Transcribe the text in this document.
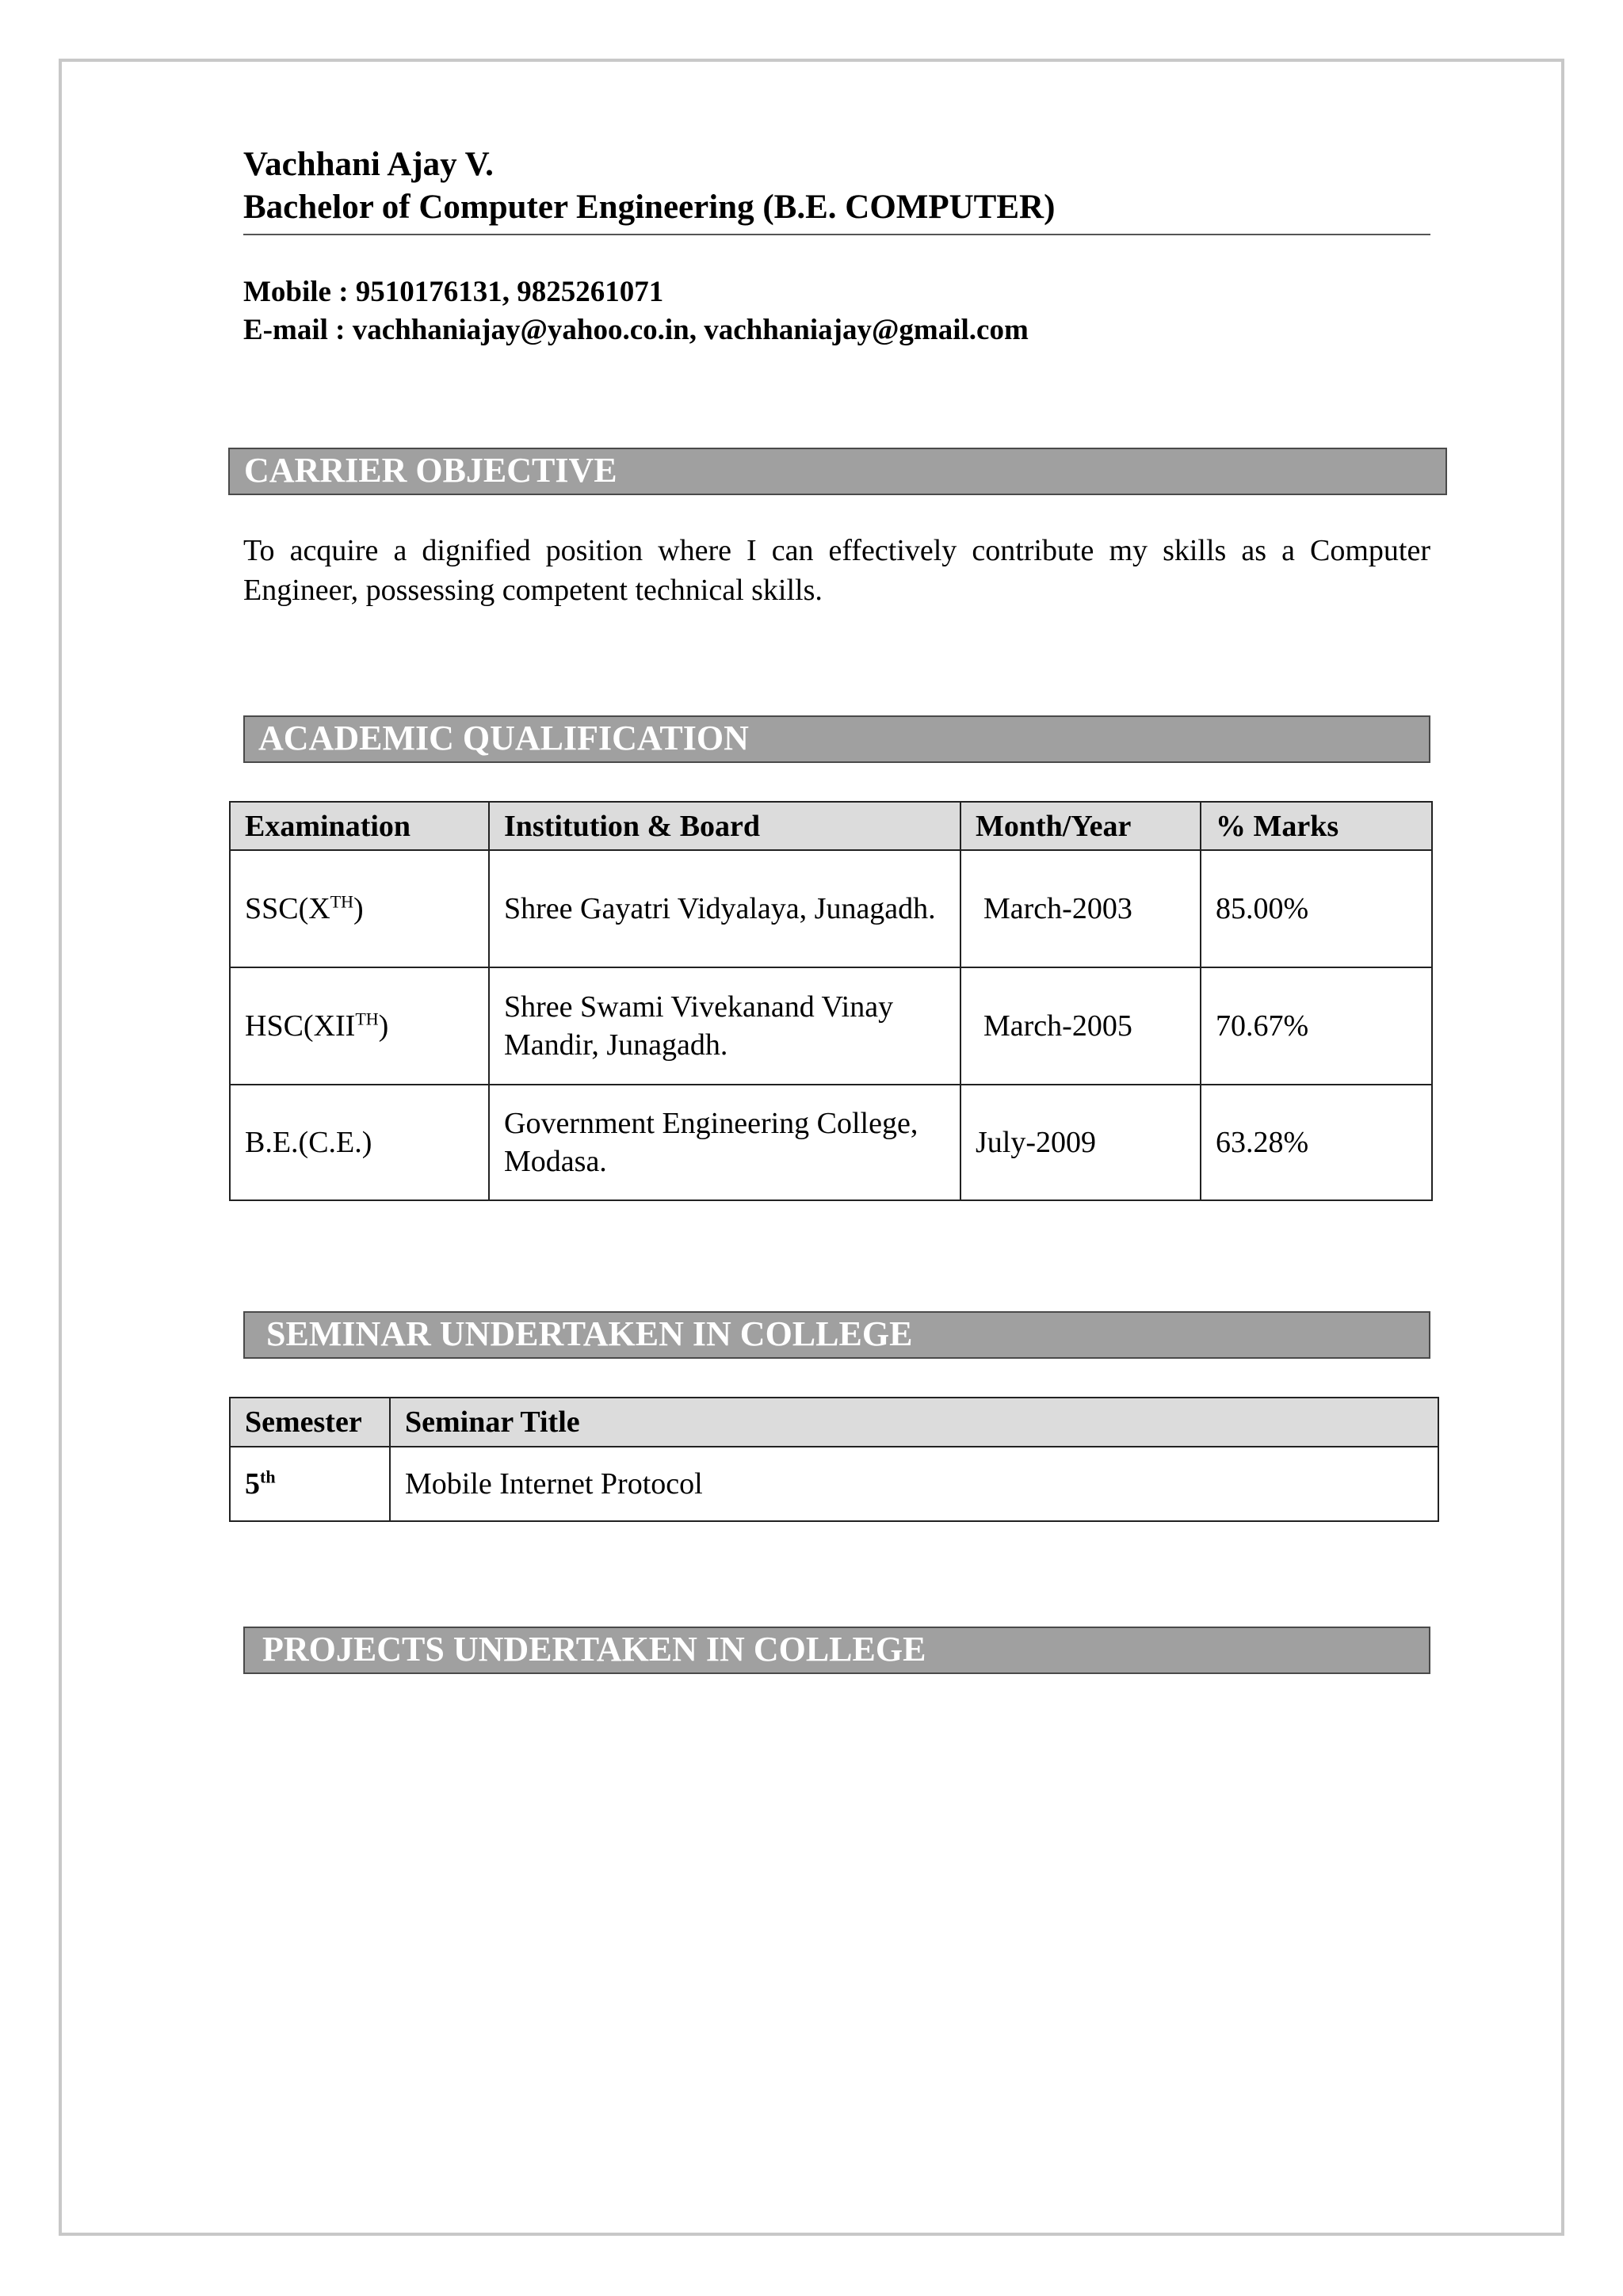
Vachhani Ajay V.
Bachelor of Computer Engineering (B.E. COMPUTER)
Mobile : 9510176131, 9825261071
E-mail : vachhaniajay@yahoo.co.in, vachhaniajay@gmail.com
CARRIER OBJECTIVE
To acquire a dignified position where I can effectively contribute my skills as a Computer Engineer, possessing competent technical skills.
ACADEMIC QUALIFICATION
Examination	Institution & Board	Month/Year	% Marks
SSC(XTH)	Shree Gayatri Vidyalaya, Junagadh.	March-2003	85.00%
HSC(XIITH)	Shree Swami Vivekanand Vinay Mandir, Junagadh.	March-2005	70.67%
B.E.(C.E.)	Government Engineering College, Modasa.	July-2009	63.28%
SEMINAR UNDERTAKEN IN COLLEGE
Semester	Seminar Title
5th	Mobile Internet Protocol
PROJECTS UNDERTAKEN IN COLLEGE
